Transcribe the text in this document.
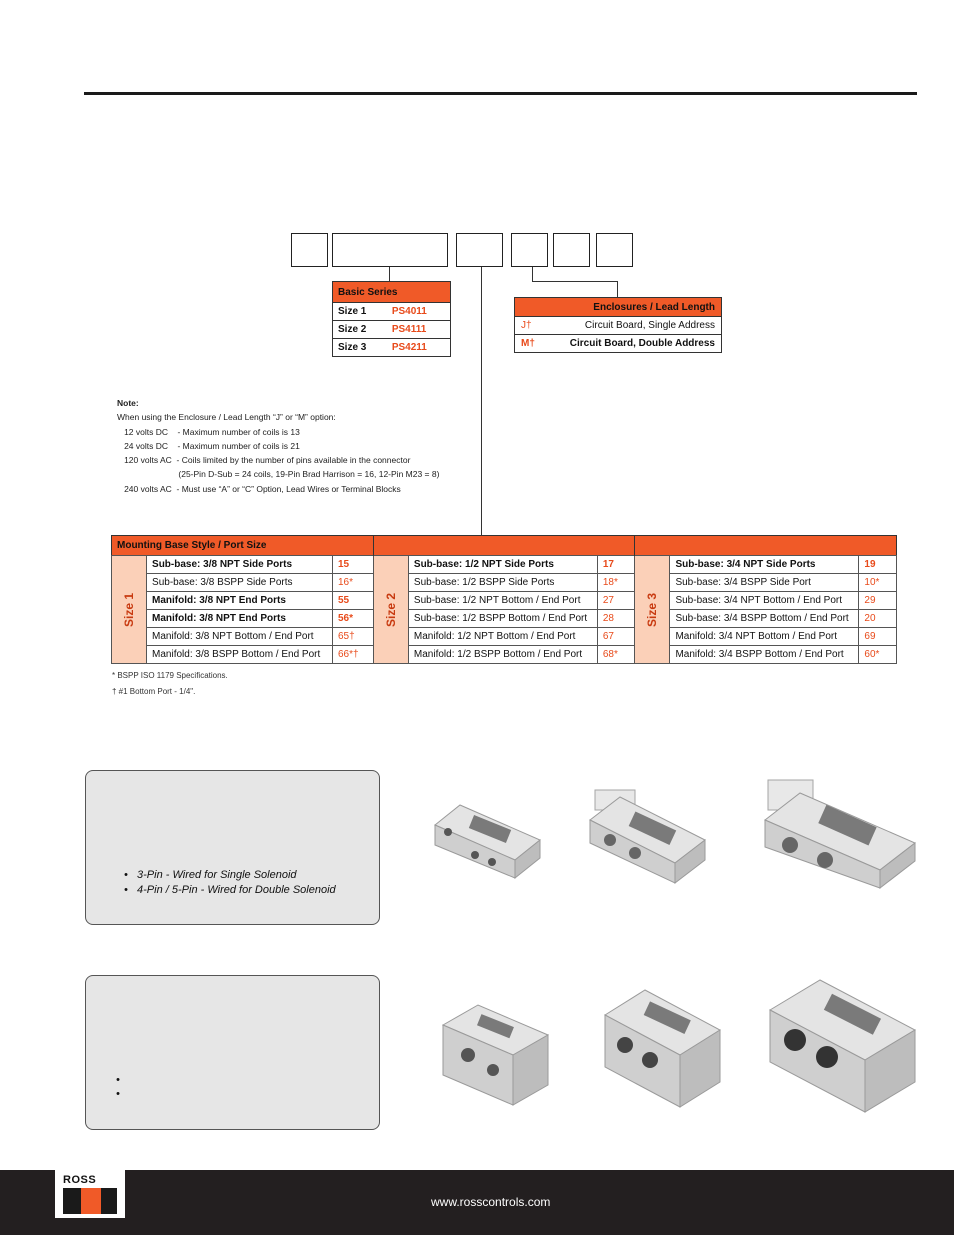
Basic Series	
Size 1	PS4011
Size 2	PS4111
Size 3	PS4211
Enclosures / Lead Length	
J†	Circuit Board, Single Address
M†	Circuit Board, Double Address
Note:
When using the Enclosure / Lead Length “J” or “M” option:
12 volts DC    - Maximum number of coils is 13
24 volts DC    - Maximum number of coils is 21
120 volts AC  - Coils limited by the number of pins available in the connector
(25-Pin D-Sub = 24 coils, 19-Pin Brad Harrison = 16, 12-Pin M23 = 8)
240 volts AC  - Must use “A” or “C” Option, Lead Wires or Terminal Blocks
Mounting Base Style / Port Size								
Size 1	Sub-base: 3/8 NPT Side Ports	15	Size 2	Sub-base: 1/2 NPT Side Ports	17	Size 3	Sub-base: 3/4 NPT Side Ports	19
	Sub-base: 3/8 BSPP Side Ports	16*		Sub-base: 1/2 BSPP Side Ports	18*		Sub-base: 3/4 BSPP Side Port	10*
	Manifold: 3/8 NPT End Ports	55		Sub-base: 1/2 NPT Bottom / End Port	27		Sub-base: 3/4 NPT Bottom / End Port	29
	Manifold: 3/8 NPT End Ports	56*		Sub-base: 1/2 BSPP Bottom / End Port	28		Sub-base: 3/4 BSPP Bottom / End Port	20
	Manifold: 3/8 NPT Bottom / End Port	65†		Manifold: 1/2 NPT Bottom / End Port	67		Manifold: 3/4 NPT Bottom / End Port	69
	Manifold: 3/8 BSPP Bottom / End Port	66*†		Manifold: 1/2 BSPP Bottom / End Port	68*		Manifold: 3/4 BSPP Bottom / End Port	60*
* BSPP ISO 1179 Specifications.
† #1 Bottom Port - 1/4".
•   3-Pin - Wired for Single Solenoid
•   4-Pin / 5-Pin - Wired for Double Solenoid
•
•
ROSS
www.rosscontrols.com
